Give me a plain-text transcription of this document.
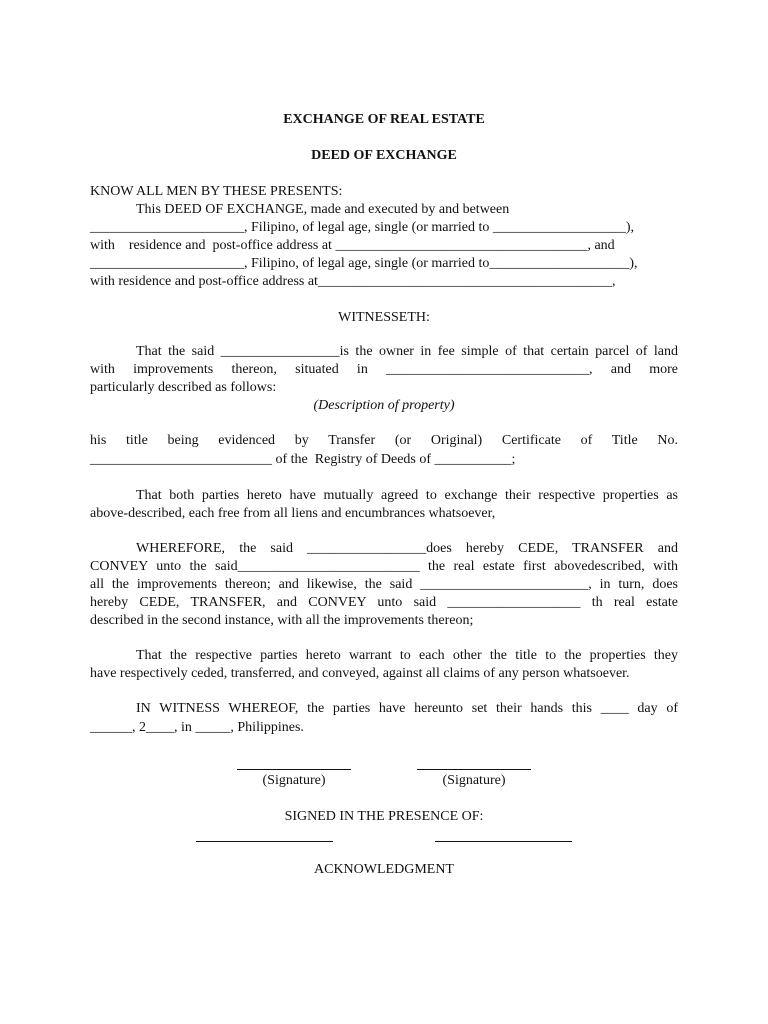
EXCHANGE OF REAL ESTATE

DEED OF EXCHANGE

KNOW ALL MEN BY THESE PRESENTS:

This DEED OF EXCHANGE, made and executed by and between

______________________, Filipino, of legal age, single (or married to ___________________),

with    residence and  post-office address at ____________________________________, and

______________________, Filipino, of legal age, single (or married to____________________),

with residence and post-office address at__________________________________________,

WITNESSETH:

That the said _________________is the owner in fee simple of that certain parcel of land

with improvements thereon, situated in _____________________________, and more

particularly described as follows:

(Description of property)

his title being evidenced by Transfer (or Original) Certificate of Title No.

__________________________ of the  Registry of Deeds of ___________;

That both parties hereto have mutually agreed to exchange their respective properties as

above-described, each free from all liens and encumbrances whatsoever,

WHEREFORE, the said _________________does hereby CEDE, TRANSFER and

CONVEY unto the said__________________________ the real estate first abovedescribed, with

all the improvements thereon; and likewise, the said ________________________, in turn, does

hereby CEDE, TRANSFER, and CONVEY unto said ___________________ th real estate

described in the second instance, with all the improvements thereon;

That the respective parties hereto warrant to each other the title to the properties they

have respectively ceded, transferred, and conveyed, against all claims of any person whatsoever.

IN WITNESS WHEREOF, the parties have hereunto set their hands this ____ day of

______, 2____, in _____, Philippines.

(Signature)	(Signature)

SIGNED IN THE PRESENCE OF:

ACKNOWLEDGMENT
